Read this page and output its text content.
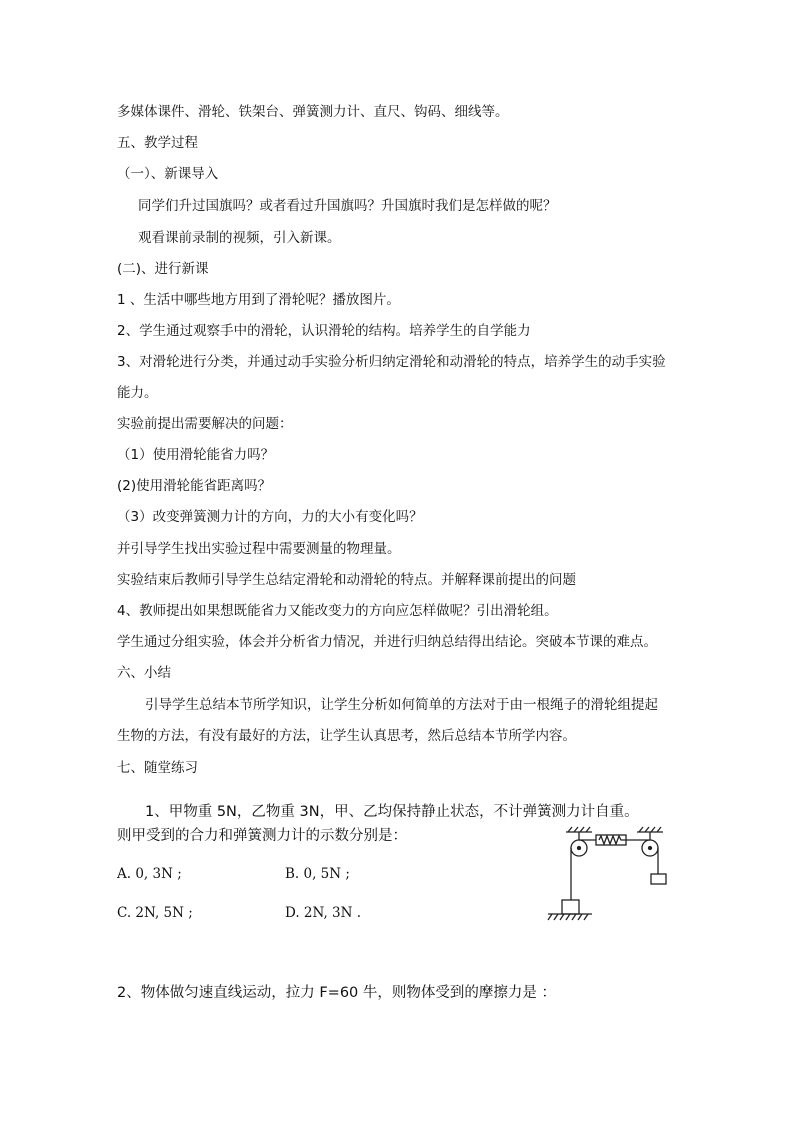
多媒体课件、滑轮、铁架台、弹簧测力计、直尺、钩码、细线等。
五、教学过程
（一）、新课导入
同学们升过国旗吗？或者看过升国旗吗？升国旗时我们是怎样做的呢？
观看课前录制的视频，引入新课。
(二)、进行新课
1 、生活中哪些地方用到了滑轮呢？播放图片。
2、学生通过观察手中的滑轮，认识滑轮的结构。培养学生的自学能力
3、对滑轮进行分类，并通过动手实验分析归纳定滑轮和动滑轮的特点，培养学生的动手实验
能力。
实验前提出需要解决的问题：
（1）使用滑轮能省力吗？
(2)使用滑轮能省距离吗？
（3）改变弹簧测力计的方向，力的大小有变化吗？
并引导学生找出实验过程中需要测量的物理量。
实验结束后教师引导学生总结定滑轮和动滑轮的特点。并解释课前提出的问题
4、教师提出如果想既能省力又能改变力的方向应怎样做呢？引出滑轮组。
学生通过分组实验，体会并分析省力情况，并进行归纳总结得出结论。突破本节课的难点。
六、小结
引导学生总结本节所学知识，让学生分析如何简单的方法对于由一根绳子的滑轮组提起
生物的方法，有没有最好的方法，让学生认真思考，然后总结本节所学内容。
七、随堂练习
1、甲物重 5N，乙物重 3N，甲、乙均保持静止状态，不计弹簧测力计自重。
则甲受到的合力和弹簧测力计的示数分别是：
A. 0, 3N ;	B. 0, 5N ;
C. 2N, 5N ;	D. 2N, 3N .
2、物体做匀速直线运动，拉力 F=60 牛，则物体受到的摩擦力是 ：
